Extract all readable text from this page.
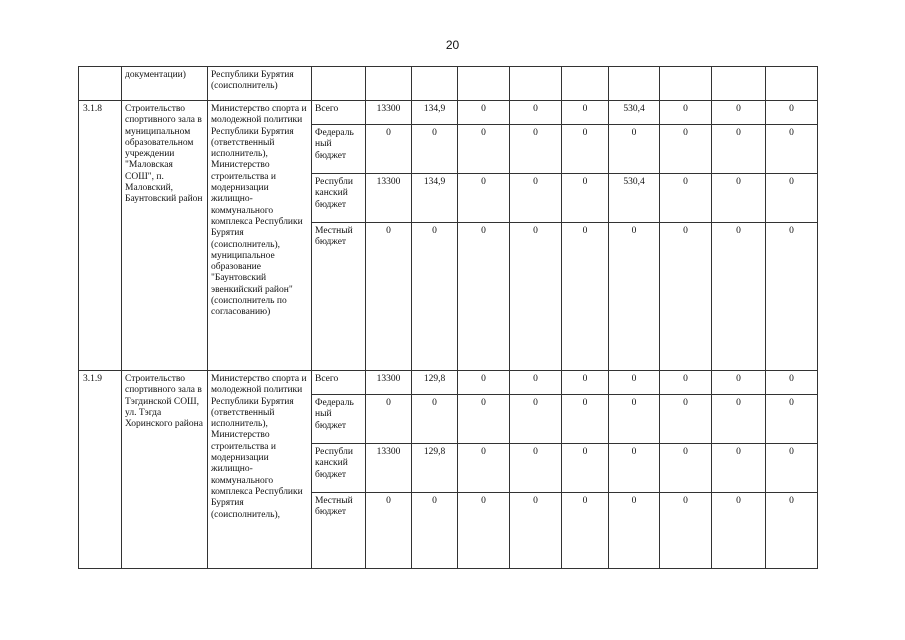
20
	документации)	Республики Бурятия (соисполнитель)										
3.1.8	Строительство спортивного зала в муниципальном образовательном учреждении "Маловская СОШ", п. Маловский, Баунтовский район	Министерство спорта и молодежной политики Республики Бурятия (ответственный исполнитель), Министерство строительства и модернизации жилищно-коммунального комплекса Республики Бурятия (соисполнитель), муниципальное образование "Баунтовский эвенкийский район" (соисполнитель по согласованию)	Всего	13300	134,9	0	0	0	530,4	0	0	0
			Федераль ный бюджет	0	0	0	0	0	0	0	0	0
			Республи канский бюджет	13300	134,9	0	0	0	530,4	0	0	0
			Местный бюджет	0	0	0	0	0	0	0	0	0
3.1.9	Строительство спортивного зала в Тэгдинской СОШ, ул. Тэгда Хоринского района	Министерство спорта и молодежной политики Республики Бурятия (ответственный исполнитель), Министерство строительства и модернизации жилищно-коммунального комплекса Республики Бурятия (соисполнитель),	Всего	13300	129,8	0	0	0	0	0	0	0
			Федераль ный бюджет	0	0	0	0	0	0	0	0	0
			Республи канский бюджет	13300	129,8	0	0	0	0	0	0	0
			Местный бюджет	0	0	0	0	0	0	0	0	0
